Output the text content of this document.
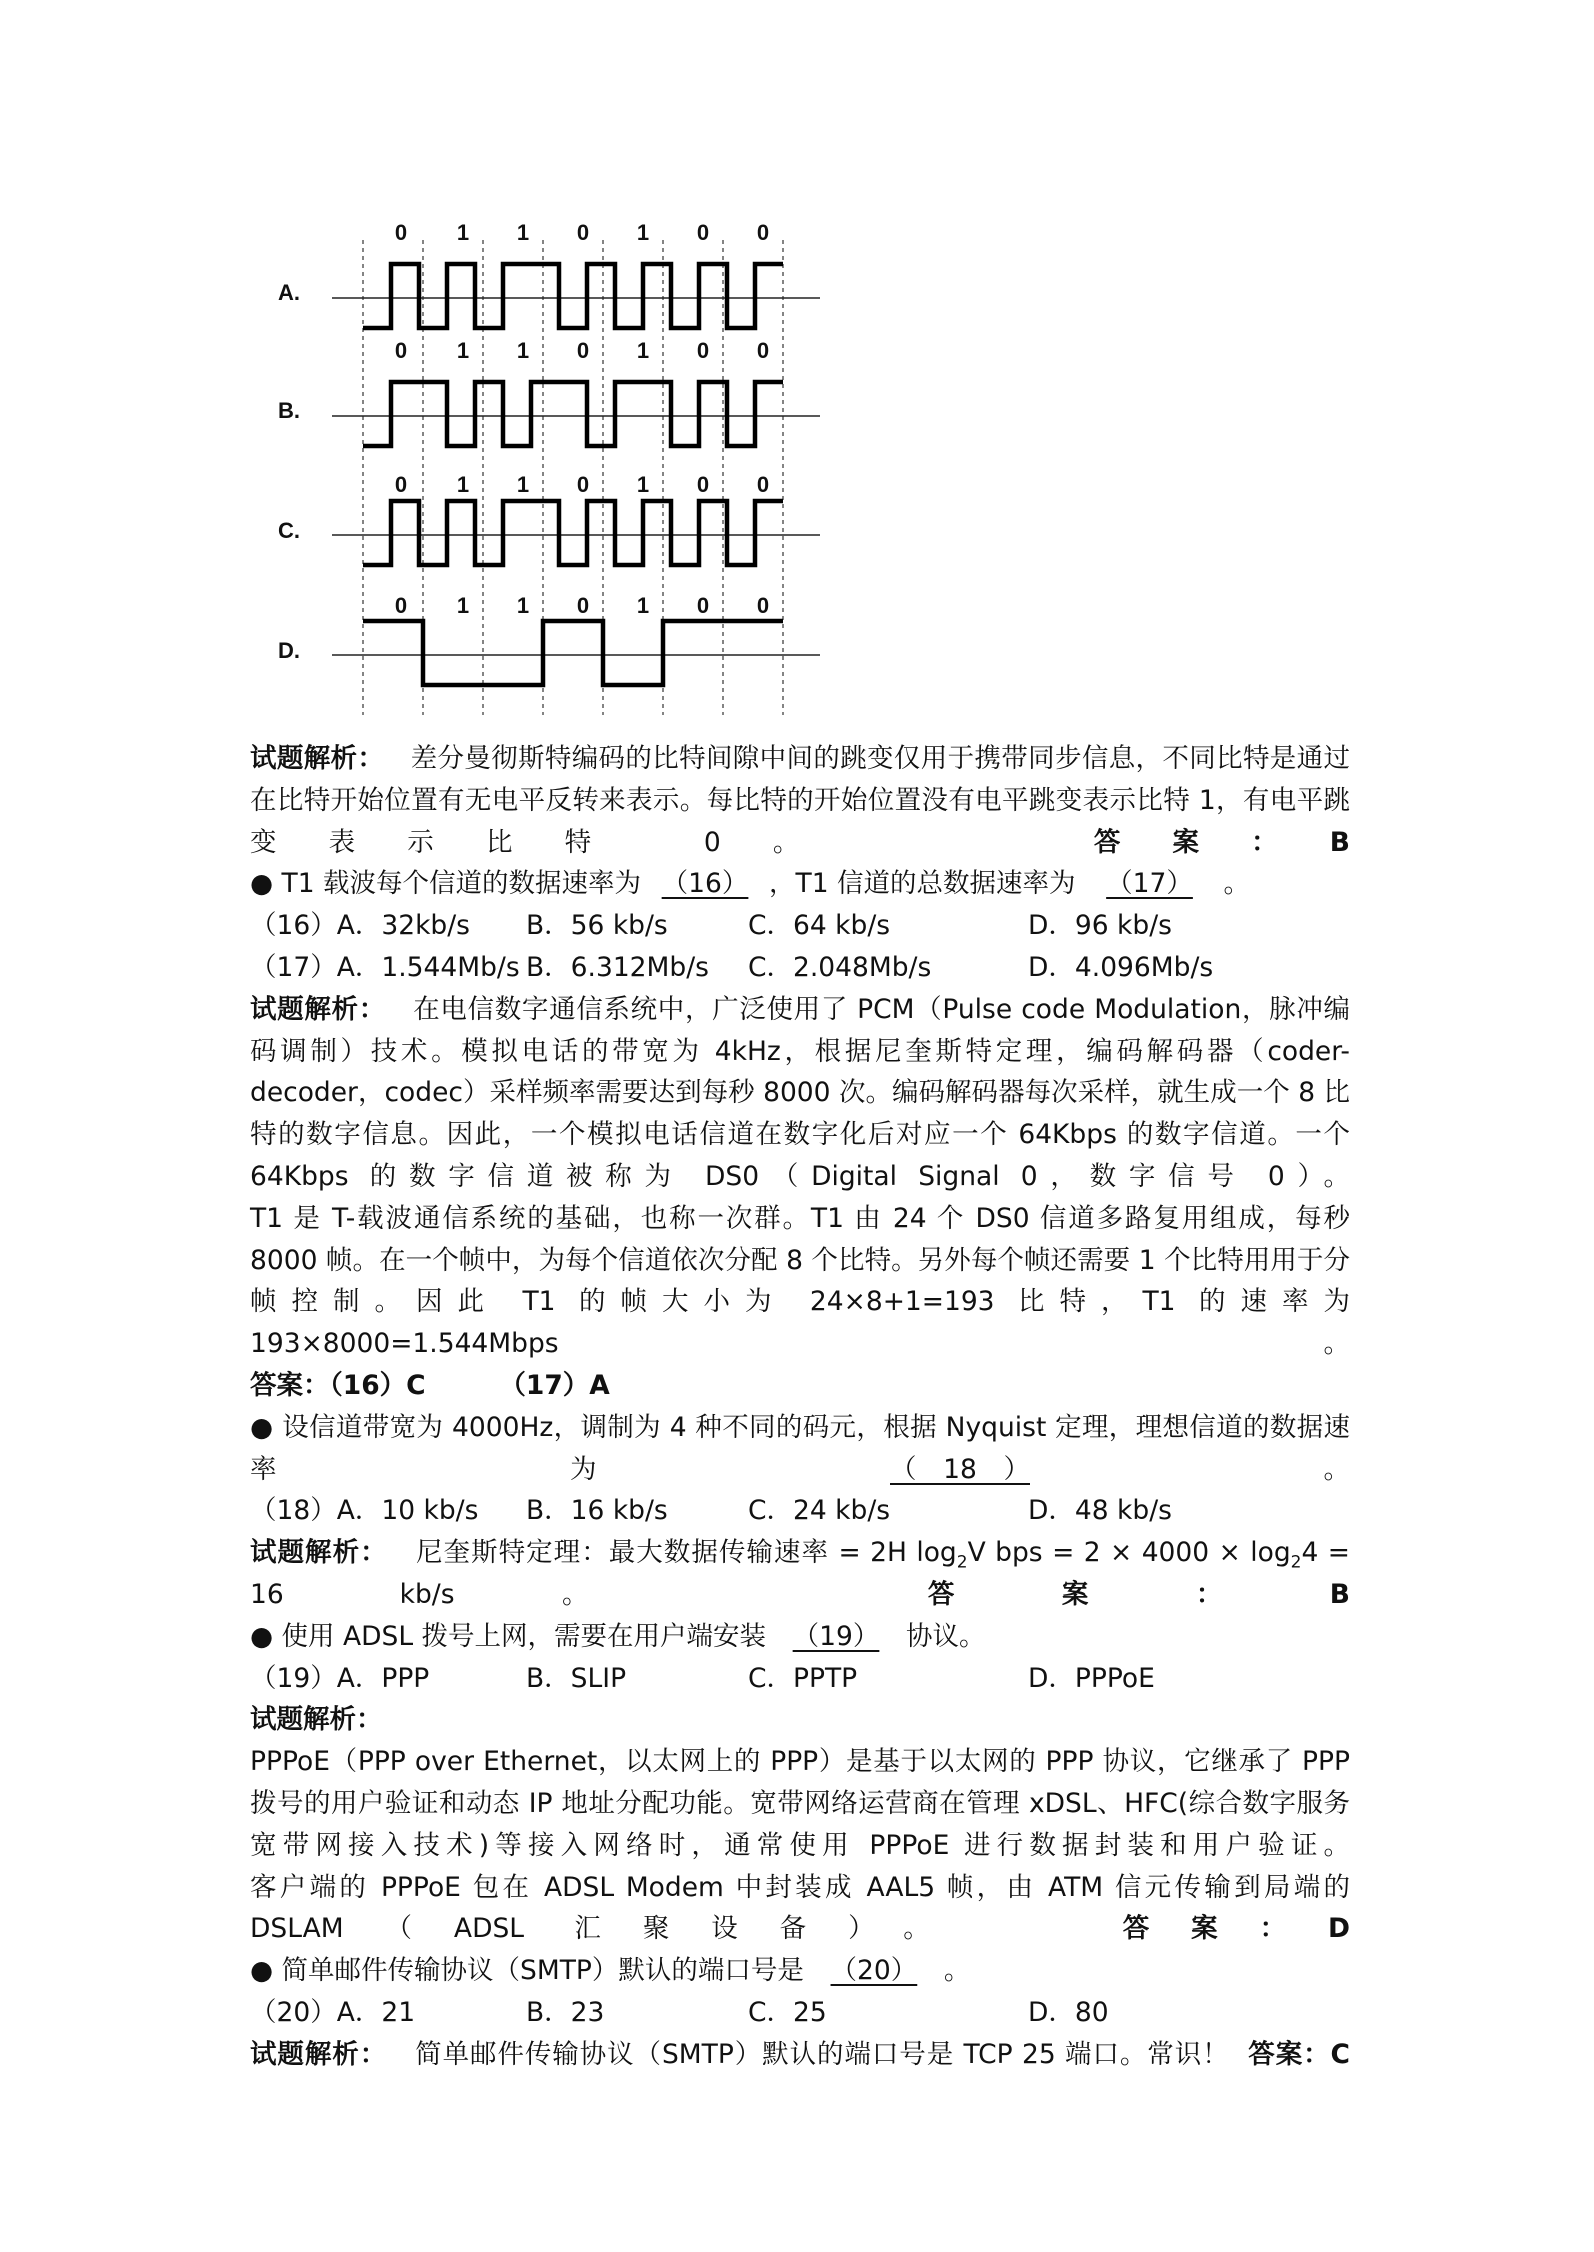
0 1 1 0 1 0 0
0 1 1 0 1 0 0
0 1 1 0 1 0 0
0 1 1 0 1 0 0
A.
B.
C.
D.

试题解析： 差分曼彻斯特编码的比特间隙中间的跳变仅用于携带同步信息，不同比特是通过在比特开始位置有无电平反转来表示。每比特的开始位置没有电平跳变表示比特 1，有电平跳变表示比特 0。	答案：B

● T1 载波每个信道的数据速率为 （16） ，T1 信道的总数据速率为 （17） 。

（16）A．32kb/s	B．56 kb/s	C．64 kb/s	D．96 kb/s
（17）A．1.544Mb/s B．6.312Mb/s	C．2.048Mb/s	D．4.096Mb/s

试题解析： 在电信数字通信系统中，广泛使用了 PCM（Pulse code Modulation，脉冲编码调制）技术。模拟电话的带宽为 4kHz，根据尼奎斯特定理，编码解码器（coder-decoder，codec）采样频率需要达到每秒 8000 次。编码解码器每次采样，就生成一个 8 比特的数字信息。因此，一个模拟电话信道在数字化后对应一个 64Kbps 的数字信道。一个 64Kbps 的数字信道被称为 DS0（Digital Signal 0，数字信号 0）。

T1 是 T-载波通信系统的基础，也称一次群。T1 由 24 个 DS0 信道多路复用组成，每秒 8000 帧。在一个帧中，为每个信道依次分配 8 个比特。另外每个帧还需要 1 个比特用用于分帧控制。因此 T1 的帧大小为 24×8+1=193 比特，T1 的速率为 193×8000=1.544Mbps。

答案：（16）C	（17）A

● 设信道带宽为 4000Hz，调制为 4 种不同的码元，根据 Nyquist 定理，理想信道的数据速率为（18）。

（18）A．10 kb/s	B．16 kb/s	C．24 kb/s	D．48 kb/s

试题解析： 尼奎斯特定理：最大数据传输速率 = 2H $\log_2V$ bps = $2 \times 4000 \times \log_24 = 16$ kb/s。	答案：B

● 使用 ADSL 拨号上网，需要在用户端安装 （19） 协议。

（19）A．PPP	B．SLIP	C．PPTP	D．PPPoE

试题解析：

PPPoE（PPP over Ethernet，以太网上的 PPP）是基于以太网的 PPP 协议，它继承了 PPP 拨号的用户验证和动态 IP 地址分配功能。宽带网络运营商在管理 xDSL、HFC(综合数字服务宽带网接入技术)等接入网络时，通常使用 PPPoE 进行数据封装和用户验证。

客户端的 PPPoE 包在 ADSL Modem 中封装成 AAL5 帧，由 ATM 信元传输到局端的 DSLAM（ADSL 汇聚设备）。	答案：D

● 简单邮件传输协议（SMTP）默认的端口号是 （20） 。

（20）A．21	B．23	C．25	D．80

试题解析： 简单邮件传输协议（SMTP）默认的端口号是 TCP 25 端口。常识！ 答案：C
